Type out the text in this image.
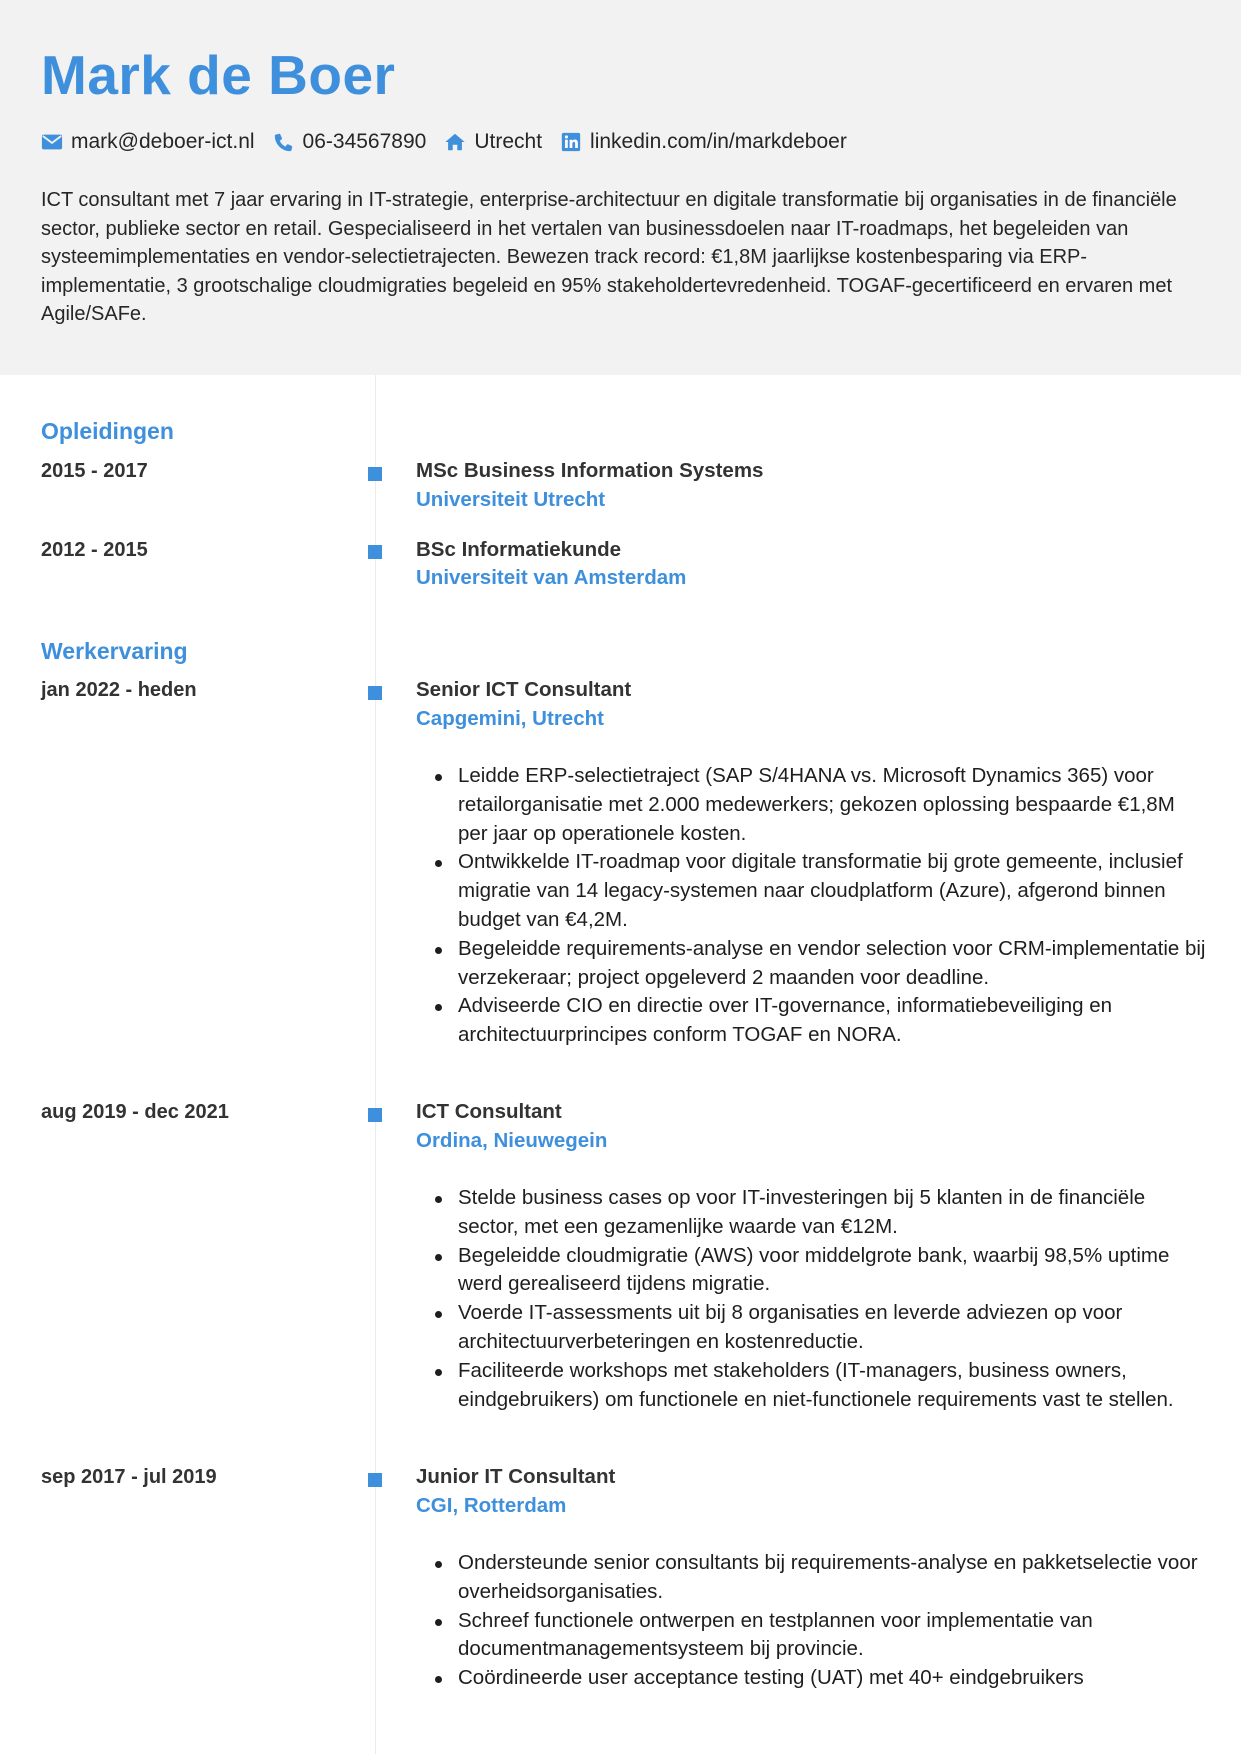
Mark de Boer
mark@deboer-ict.nl 06-34567890 Utrecht linkedin.com/in/markdeboer

ICT consultant met 7 jaar ervaring in IT-strategie, enterprise-architectuur en digitale transformatie bij organisaties in de financiële sector, publieke sector en retail. Gespecialiseerd in het vertalen van businessdoelen naar IT-roadmaps, het begeleiden van systeemimplementaties en vendor-selectietrajecten. Bewezen track record: €1,8M jaarlijkse kostenbesparing via ERP-implementatie, 3 grootschalige cloudmigraties begeleid en 95% stakeholdertevredenheid. TOGAF-gecertificeerd en ervaren met Agile/SAFe.

Opleidingen
2015 - 2017	MSc Business Information Systems
Universiteit Utrecht
2012 - 2015	BSc Informatiekunde
Universiteit van Amsterdam
Werkervaring
jan 2022 - heden	Senior ICT Consultant
Capgemini, Utrecht
Leidde ERP-selectietraject (SAP S/4HANA vs. Microsoft Dynamics 365) voor retailorganisatie met 2.000 medewerkers; gekozen oplossing bespaarde €1,8M per jaar op operationele kosten.
Ontwikkelde IT-roadmap voor digitale transformatie bij grote gemeente, inclusief migratie van 14 legacy-systemen naar cloudplatform (Azure), afgerond binnen budget van €4,2M.
Begeleidde requirements-analyse en vendor selection voor CRM-implementatie bij verzekeraar; project opgeleverd 2 maanden voor deadline.
Adviseerde CIO en directie over IT-governance, informatiebeveiliging en architectuurprincipes conform TOGAF en NORA.
aug 2019 - dec 2021	ICT Consultant
Ordina, Nieuwegein
Stelde business cases op voor IT-investeringen bij 5 klanten in de financiële sector, met een gezamenlijke waarde van €12M.
Begeleidde cloudmigratie (AWS) voor middelgrote bank, waarbij 98,5% uptime werd gerealiseerd tijdens migratie.
Voerde IT-assessments uit bij 8 organisaties en leverde adviezen op voor architectuurverbeteringen en kostenreductie.
Faciliteerde workshops met stakeholders (IT-managers, business owners, eindgebruikers) om functionele en niet-functionele requirements vast te stellen.
sep 2017 - jul 2019	Junior IT Consultant
CGI, Rotterdam
Ondersteunde senior consultants bij requirements-analyse en pakketselectie voor overheidsorganisaties.
Schreef functionele ontwerpen en testplannen voor implementatie van documentmanagementsysteem bij provincie.
Coördineerde user acceptance testing (UAT) met 40+ eindgebruikers
